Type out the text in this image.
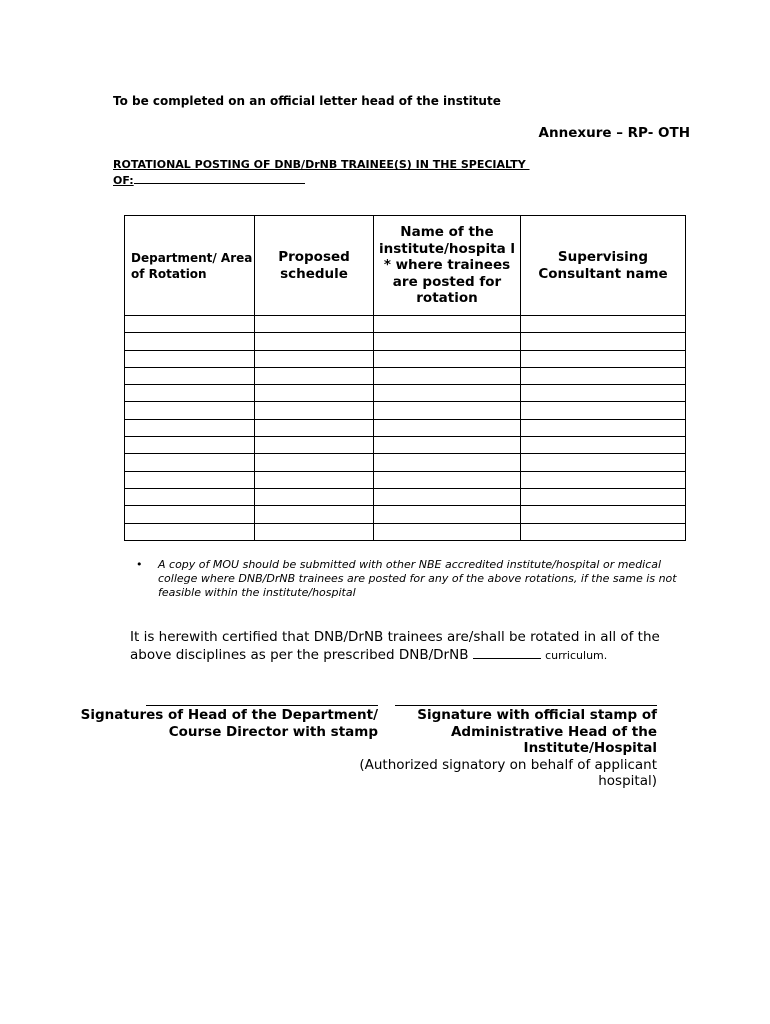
To be completed on an official letter head of the institute
Annexure – RP- OTH
ROTATIONAL POSTING OF DNB/DrNB TRAINEE(S) IN THE SPECIALTY
OF:
Department/ Area of Rotation	Proposed schedule	Name of the institute/hospita l * where trainees are posted for rotation	Supervising Consultant name

• A copy of MOU should be submitted with other NBE accredited institute/hospital or medical college where DNB/DrNB trainees are posted for any of the above rotations, if the same is not feasible within the institute/hospital
It is herewith certified that DNB/DrNB trainees are/shall be rotated in all of the above disciplines as per the prescribed DNB/DrNB	curriculum.
Signatures of Head of the Department/ Course Director with stamp
Signature with official stamp of Administrative Head of the Institute/Hospital
(Authorized signatory on behalf of applicant hospital)
